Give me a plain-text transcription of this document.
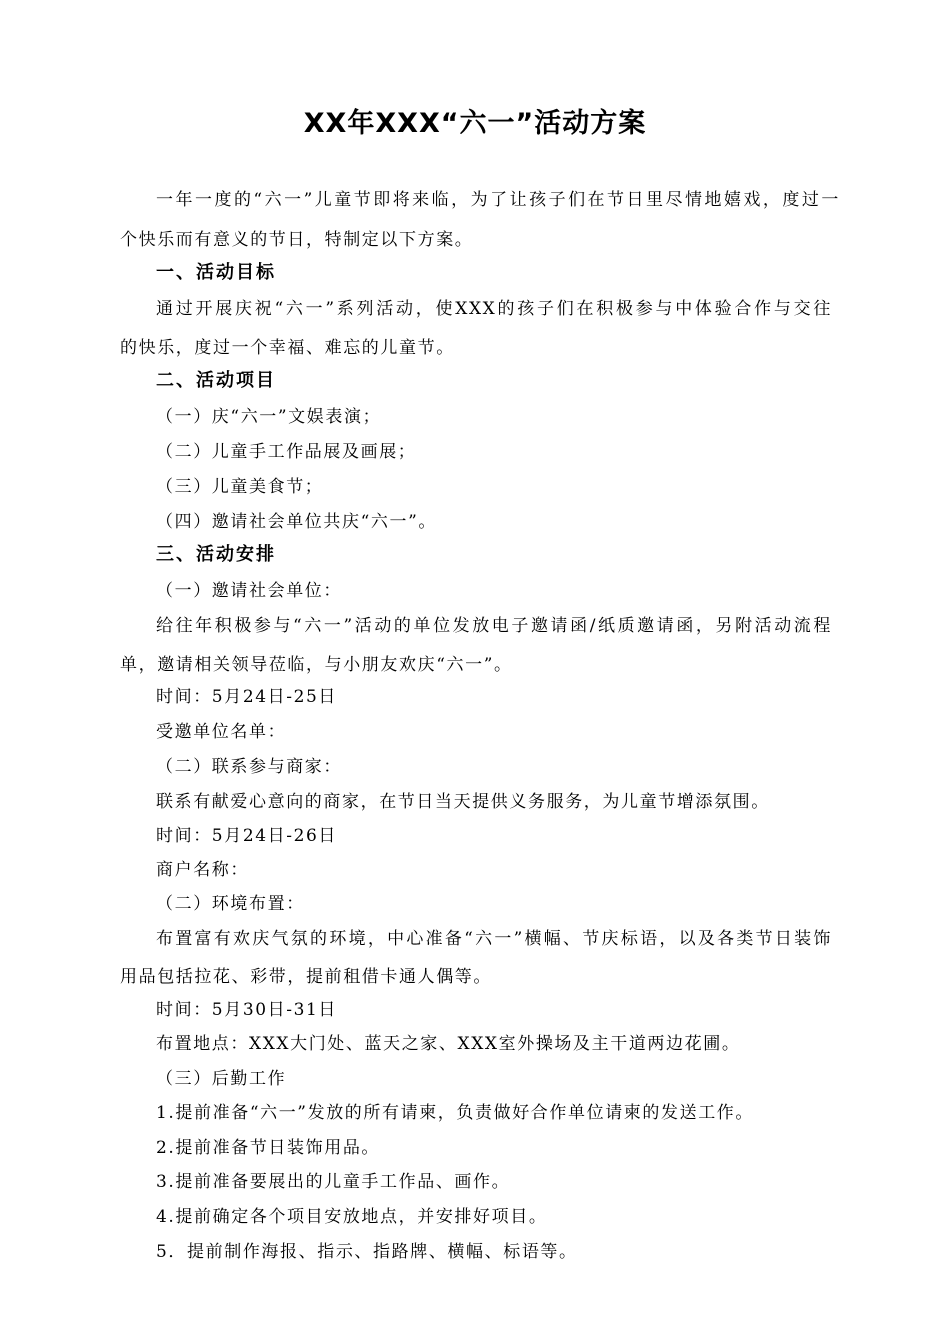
XX年XXX“六一”活动方案
一年一度的“六一”儿童节即将来临，为了让孩子们在节日里尽情地嬉戏，度过一
个快乐而有意义的节日，特制定以下方案。
一、活动目标
通过开展庆祝“六一”系列活动，使XXX的孩子们在积极参与中体验合作与交往
的快乐，度过一个幸福、难忘的儿童节。
二、活动项目
（一）庆“六一”文娱表演；
（二）儿童手工作品展及画展；
（三）儿童美食节；
（四）邀请社会单位共庆“六一”。
三、活动安排
（一）邀请社会单位：
给往年积极参与“六一”活动的单位发放电子邀请函/纸质邀请函，另附活动流程
单，邀请相关领导莅临，与小朋友欢庆“六一”。
时间：5月24日-25日
受邀单位名单：
（二）联系参与商家：
联系有献爱心意向的商家，在节日当天提供义务服务，为儿童节增添氛围。
时间：5月24日-26日
商户名称：
（二）环境布置：
布置富有欢庆气氛的环境，中心准备“六一”横幅、节庆标语，以及各类节日装饰
用品包括拉花、彩带，提前租借卡通人偶等。
时间：5月30日-31日
布置地点：XXX大门处、蓝天之家、XXX室外操场及主干道两边花圃。
（三）后勤工作
1.提前准备“六一”发放的所有请柬，负责做好合作单位请柬的发送工作。
2.提前准备节日装饰用品。
3.提前准备要展出的儿童手工作品、画作。
4.提前确定各个项目安放地点，并安排好项目。
5．提前制作海报、指示、指路牌、横幅、标语等。
